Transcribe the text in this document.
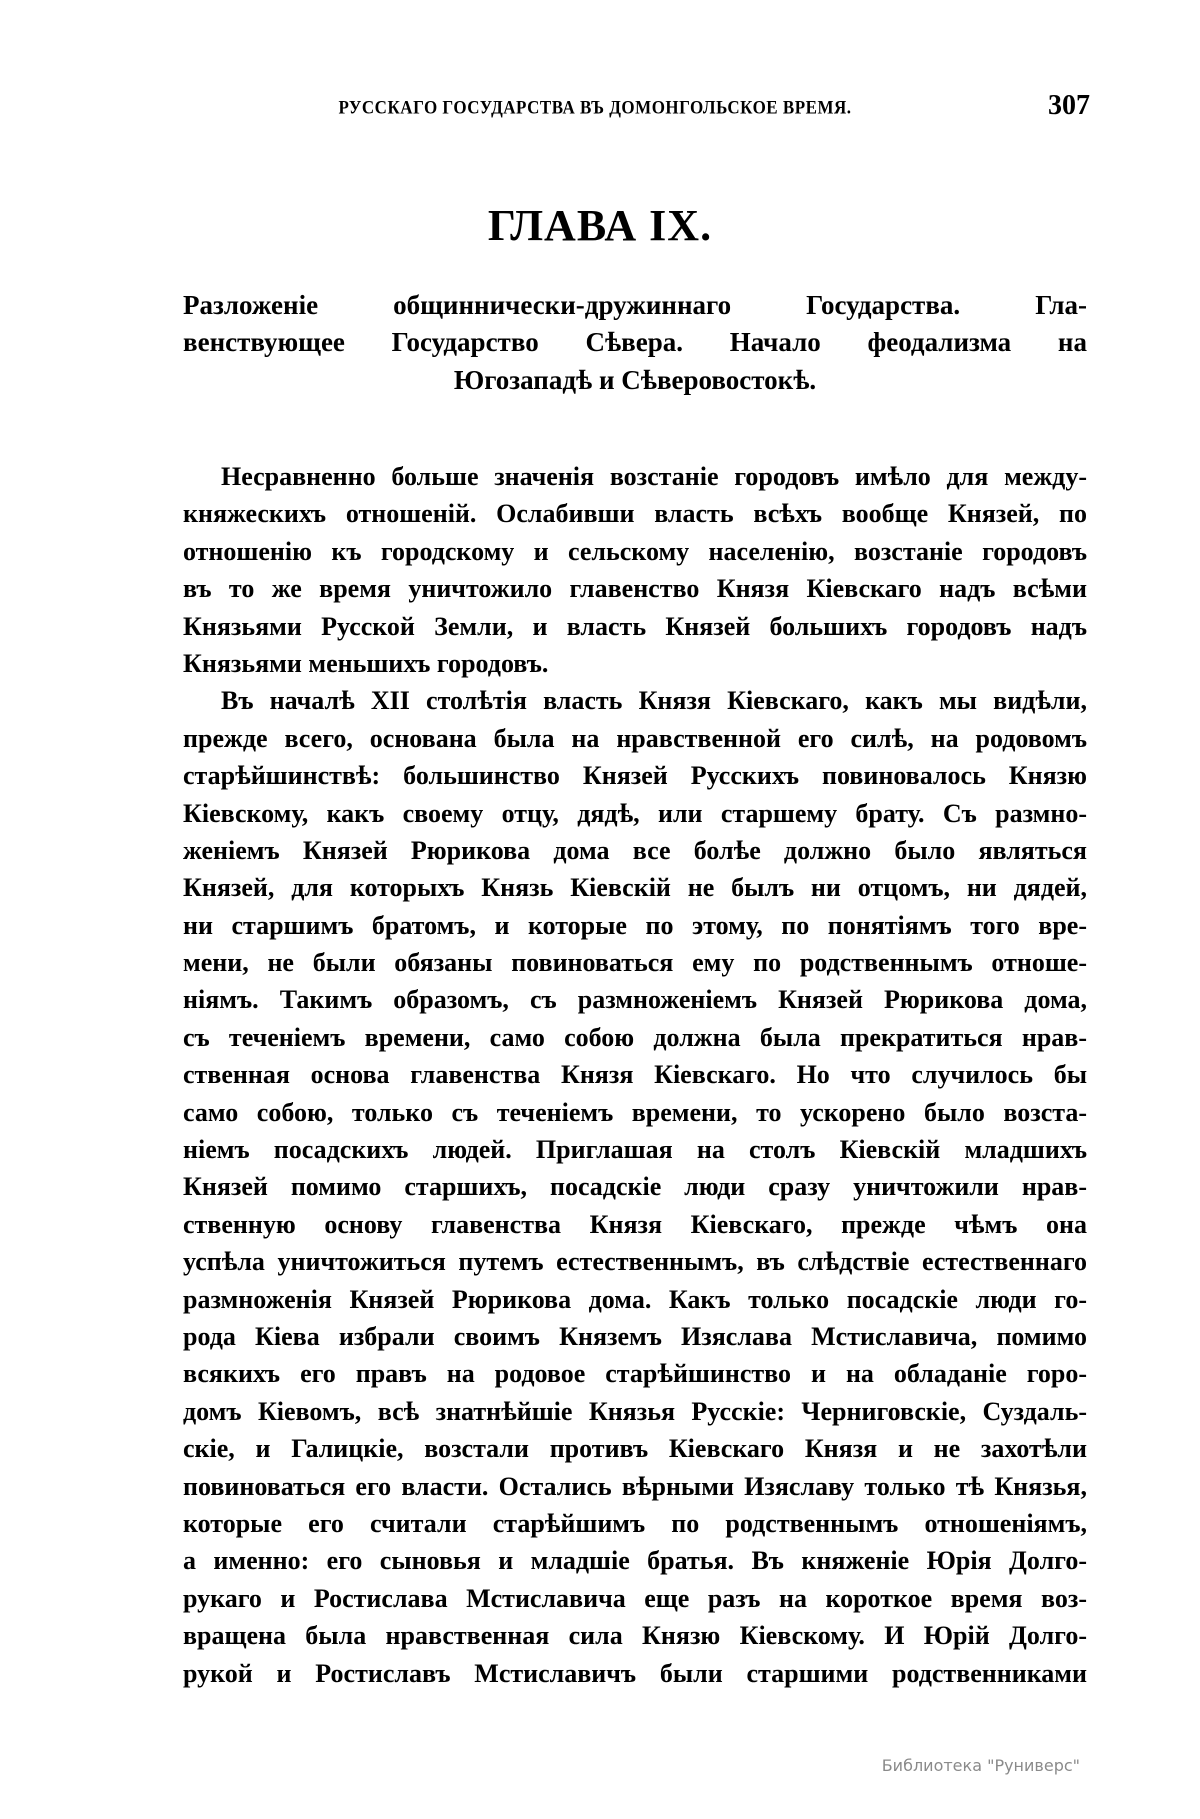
РУССКАГО ГОСУДАРСТВА ВЪ ДОМОНГОЛЬСКОЕ ВРЕМЯ.	307
ГЛАВА IX.
Разложеніе общиннически-дружиннаго Государства. Гла-
венствующее Государство Сѣвера. Начало феодализма на
Югозападѣ и Сѣверовостокѣ.
Несравненно больше значенія возстаніе городовъ имѣло для между-
княжескихъ отношеній. Ослабивши власть всѣхъ вообще Князей, по
отношенію къ городскому и сельскому населенію, возстаніе городовъ
въ то же время уничтожило главенство Князя Кіевскаго надъ всѣми
Князьями Русской Земли, и власть Князей большихъ городовъ надъ
Князьями меньшихъ городовъ.
Въ началѣ XII столѣтія власть Князя Кіевскаго, какъ мы видѣли,
прежде всего, основана была на нравственной его силѣ, на родовомъ
старѣйшинствѣ: большинство Князей Русскихъ повиновалось Князю
Кіевскому, какъ своему отцу, дядѣ, или старшему брату. Съ размно-
женіемъ Князей Рюрикова дома все болѣе должно было являться
Князей, для которыхъ Князь Кіевскій не былъ ни отцомъ, ни дядей,
ни старшимъ братомъ, и которые по этому, по понятіямъ того вре-
мени, не были обязаны повиноваться ему по родственнымъ отноше-
ніямъ. Такимъ образомъ, съ размноженіемъ Князей Рюрикова дома,
съ теченіемъ времени, само собою должна была прекратиться нрав-
ственная основа главенства Князя Кіевскаго. Но что случилось бы
само собою, только съ теченіемъ времени, то ускорено было возста-
ніемъ посадскихъ людей. Приглашая на столъ Кіевскій младшихъ
Князей помимо старшихъ, посадскіе люди сразу уничтожили нрав-
ственную основу главенства Князя Кіевскаго, прежде чѣмъ она
успѣла уничтожиться путемъ естественнымъ, въ слѣдствіе естественнаго
размноженія Князей Рюрикова дома. Какъ только посадскіе люди го-
рода Кіева избрали своимъ Княземъ Изяслава Мстиславича, помимо
всякихъ его правъ на родовое старѣйшинство и на обладаніе горо-
домъ Кіевомъ, всѣ знатнѣйшіе Князья Русскіе: Черниговскіе, Суздаль-
скіе, и Галицкіе, возстали противъ Кіевскаго Князя и не захотѣли
повиноваться его власти. Остались вѣрными Изяславу только тѣ Князья,
которые его считали старѣйшимъ по родственнымъ отношеніямъ,
а именно: его сыновья и младшіе братья. Въ княженіе Юрія Долго-
рукаго и Ростислава Мстиславича еще разъ на короткое время воз-
вращена была нравственная сила Князю Кіевскому. И Юрій Долго-
рукой и Ростиславъ Мстиславичъ были старшими родственниками
Библиотека "Руниверс"
